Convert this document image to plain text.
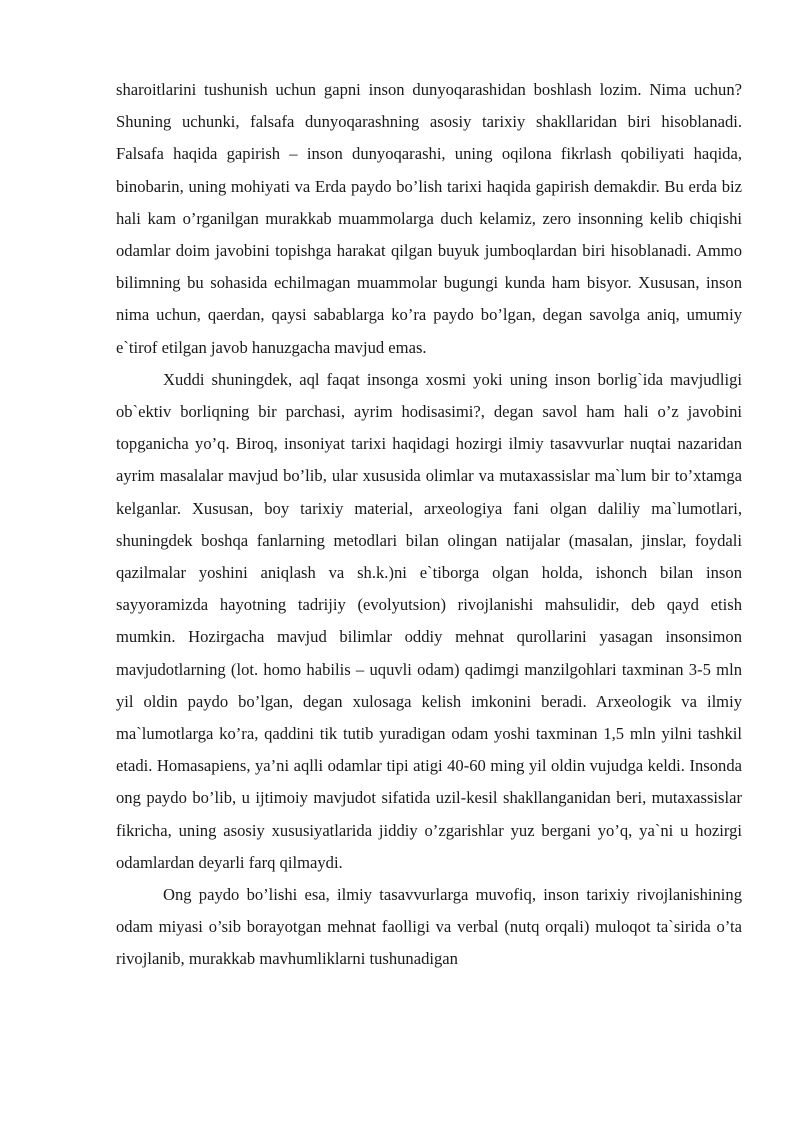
sharoitlarini tushunish uchun gapni inson dunyoqarashidan boshlash lozim. Nima uchun? Shuning uchunki, falsafa dunyoqarashning asosiy tarixiy shakllaridan biri hisoblanadi. Falsafa haqida gapirish – inson dunyoqarashi, uning oqilona fikrlash qobiliyati haqida, binobarin, uning mohiyati va Erda paydo bo’lish tarixi haqida gapirish demakdir. Bu erda biz hali kam o’rganilgan murakkab muammolarga duch kelamiz, zero insonning kelib chiqishi odamlar doim javobini topishga harakat qilgan buyuk jumboqlardan biri hisoblanadi. Ammo bilimning bu sohasida echilmagan muammolar bugungi kunda ham bisyor. Xususan, inson nima uchun, qaerdan, qaysi sabablarga ko’ra paydo bo’lgan, degan savolga aniq, umumiy e`tirof etilgan javob hanuzgacha mavjud emas.

Xuddi shuningdek, aql faqat insonga xosmi yoki uning inson borlig`ida mavjudligi ob`ektiv borliqning bir parchasi, ayrim hodisasimi?, degan savol ham hali o’z javobini topganicha yo’q. Biroq, insoniyat tarixi haqidagi hozirgi ilmiy tasavvurlar nuqtai nazaridan ayrim masalalar mavjud bo’lib, ular xususida olimlar va mutaxassislar ma`lum bir to’xtamga kelganlar. Xususan, boy tarixiy material, arxeologiya fani olgan daliliy ma`lumotlari, shuningdek boshqa fanlarning metodlari bilan olingan natijalar (masalan, jinslar, foydali qazilmalar yoshini aniqlash va sh.k.)ni e`tiborga olgan holda, ishonch bilan inson sayyoramizda hayotning tadrijiy (evolyutsion) rivojlanishi mahsulidir, deb qayd etish mumkin. Hozirgacha mavjud bilimlar oddiy mehnat qurollarini yasagan insonsimon mavjudotlarning (lot. homo habilis – uquvli odam) qadimgi manzilgohlari taxminan 3-5 mln yil oldin paydo bo’lgan, degan xulosaga kelish imkonini beradi. Arxeologik va ilmiy ma`lumotlarga ko’ra, qaddini tik tutib yuradigan odam yoshi taxminan 1,5 mln yilni tashkil etadi. Homasapiens, ya’ni aqlli odamlar tipi atigi 40-60 ming yil oldin vujudga keldi. Insonda ong paydo bo’lib, u ijtimoiy mavjudot sifatida uzil-kesil shakllanganidan beri, mutaxassislar fikricha, uning asosiy xususiyatlarida jiddiy o’zgarishlar yuz bergani yo’q, ya`ni u hozirgi odamlardan deyarli farq qilmaydi.

Ong paydo bo’lishi esa, ilmiy tasavvurlarga muvofiq, inson tarixiy rivojlanishining odam miyasi o’sib borayotgan mehnat faolligi va verbal (nutq orqali) muloqot ta`sirida o’ta rivojlanib, murakkab mavhumliklarni tushunadigan
